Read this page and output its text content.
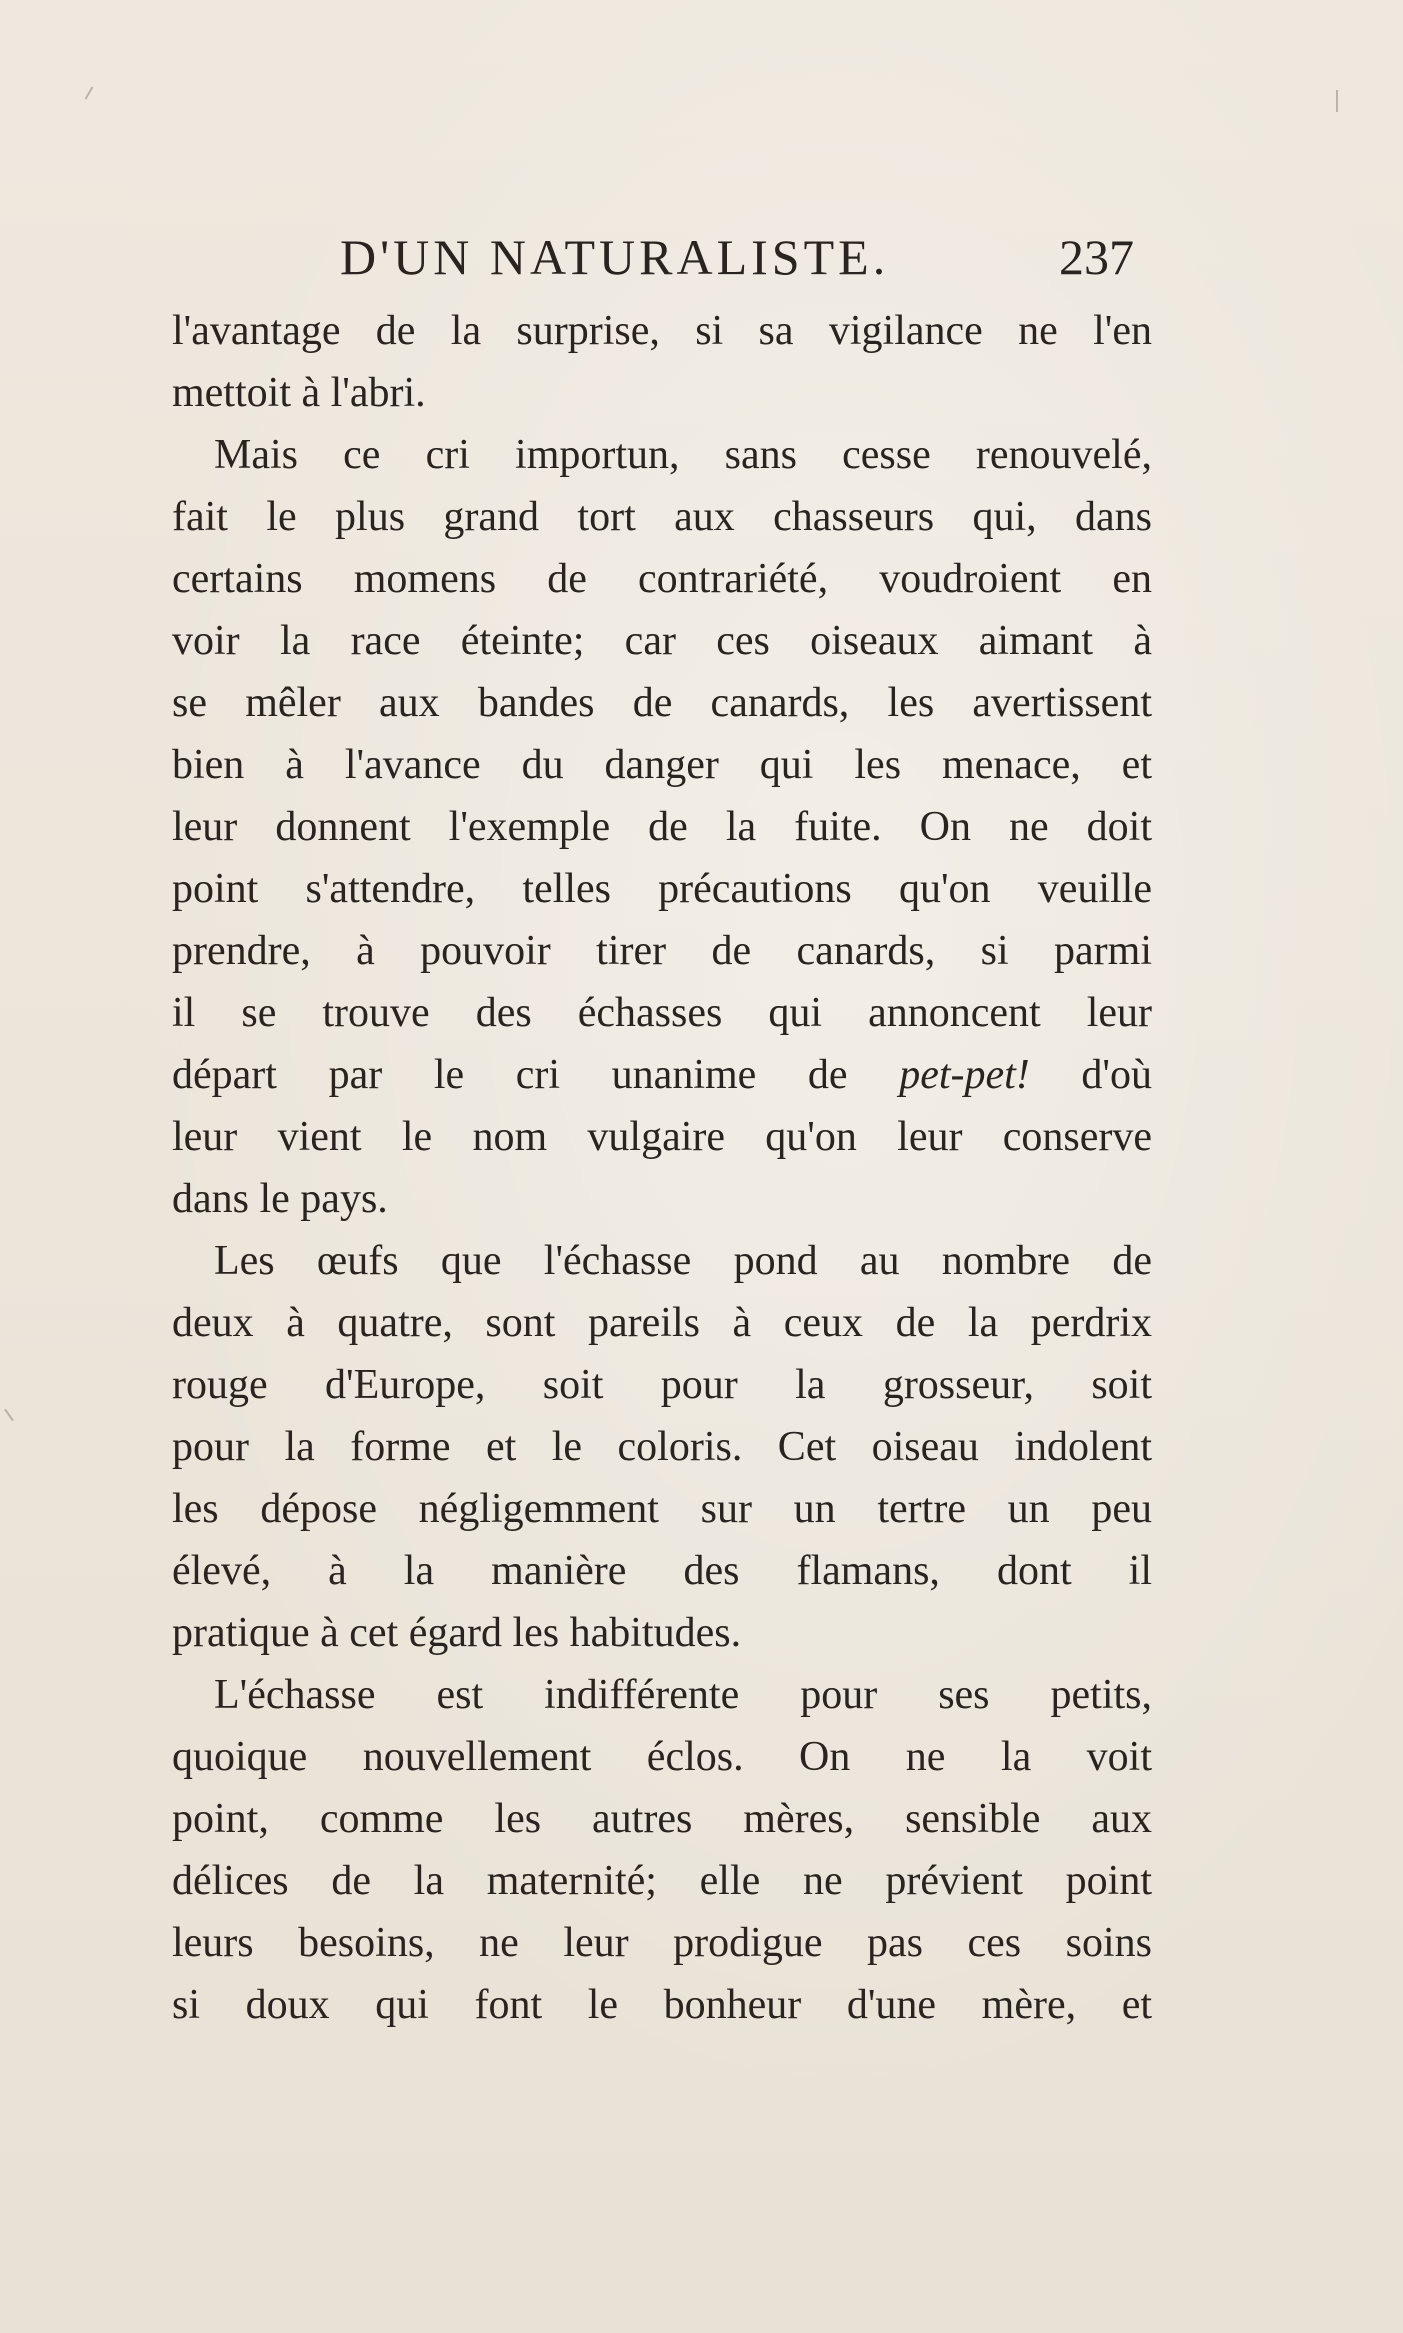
D'UN NATURALISTE.	237
l'avantage de la surprise, si sa vigilance ne l'en
mettoit à l'abri.
Mais ce cri importun, sans cesse renouvelé,
fait le plus grand tort aux chasseurs qui, dans
certains momens de contrariété, voudroient en
voir la race éteinte; car ces oiseaux aimant à
se mêler aux bandes de canards, les avertissent
bien à l'avance du danger qui les menace, et
leur donnent l'exemple de la fuite. On ne doit
point s'attendre, telles précautions qu'on veuille
prendre, à pouvoir tirer de canards, si parmi
il se trouve des échasses qui annoncent leur
départ par le cri unanime de pet-pet! d'où
leur vient le nom vulgaire qu'on leur conserve
dans le pays.
Les œufs que l'échasse pond au nombre de
deux à quatre, sont pareils à ceux de la perdrix
rouge d'Europe, soit pour la grosseur, soit
pour la forme et le coloris. Cet oiseau indolent
les dépose négligemment sur un tertre un peu
élevé, à la manière des flamans, dont il
pratique à cet égard les habitudes.
L'échasse est indifférente pour ses petits,
quoique nouvellement éclos. On ne la voit
point, comme les autres mères, sensible aux
délices de la maternité; elle ne prévient point
leurs besoins, ne leur prodigue pas ces soins
si doux qui font le bonheur d'une mère, et
